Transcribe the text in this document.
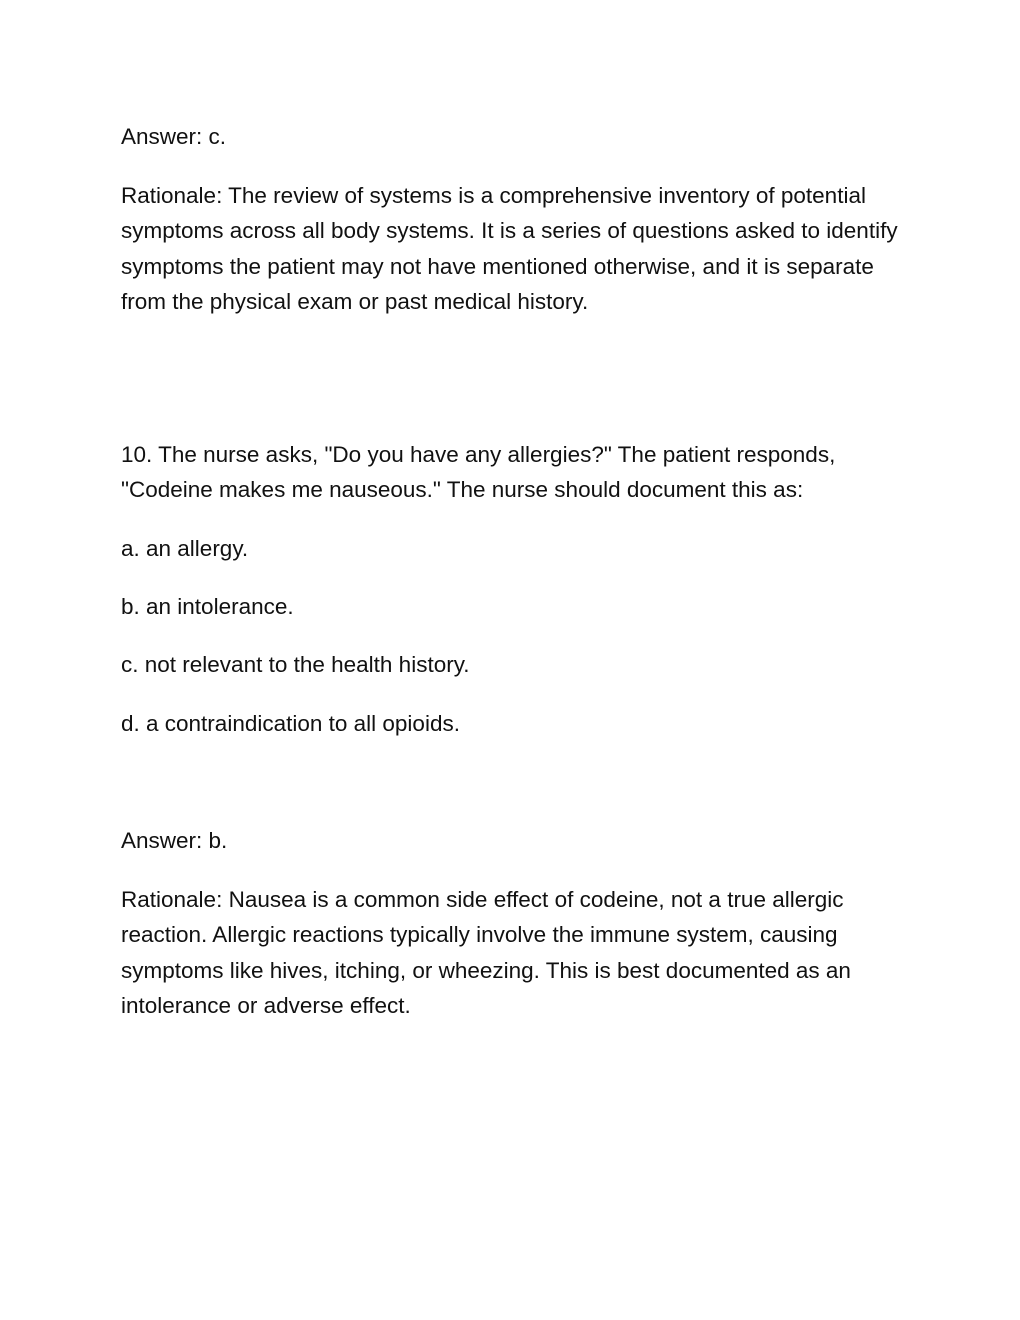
Answer: c.

Rationale: The review of systems is a comprehensive inventory of potential symptoms across all body systems. It is a series of questions asked to identify symptoms the patient may not have mentioned otherwise, and it is separate from the physical exam or past medical history.

10. The nurse asks, "Do you have any allergies?" The patient responds, "Codeine makes me nauseous." The nurse should document this as:

a. an allergy.

b. an intolerance.

c. not relevant to the health history.

d. a contraindication to all opioids.

Answer: b.

Rationale: Nausea is a common side effect of codeine, not a true allergic reaction. Allergic reactions typically involve the immune system, causing symptoms like hives, itching, or wheezing. This is best documented as an intolerance or adverse effect.
